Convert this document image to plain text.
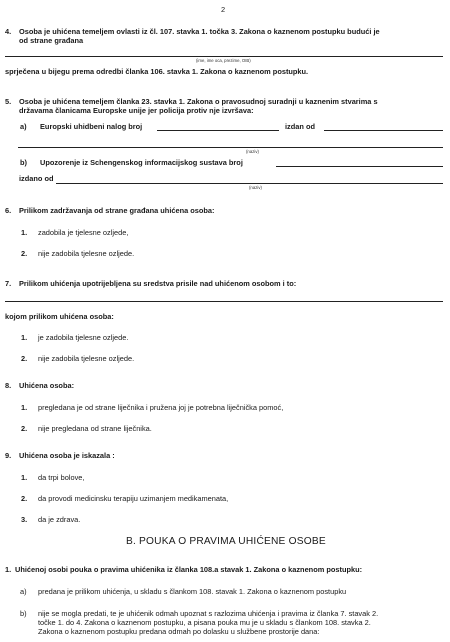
2
4. Osoba je uhićena temeljem ovlasti iz čl. 107. stavka 1. točka 3. Zakona o kaznenom postupku budući je
od strane građana
(ime, ime oca, prezime, OIB)
sprječena u bijegu prema odredbi članka 106. stavka 1. Zakona o kaznenom postupku.
5. Osoba je uhićena temeljem članka 23. stavka 1. Zakona o pravosudnoj suradnji u kaznenim stvarima s
državama članicama Europske unije jer policija protiv nje izvršava:
a) Europski uhidbeni nalog broj	izdan od
(naziv)
b) Upozorenje iz Schengenskog informacijskog sustava broj
izdano od
(naziv)
6. Prilikom zadržavanja od strane građana uhićena osoba:
1. zadobila je tjelesne ozljede,
2. nije zadobila tjelesne ozljede.
7. Prilikom uhićenja upotrijebljena su sredstva prisile nad uhićenom osobom i to:
kojom prilikom uhićena osoba:
1. je zadobila tjelesne ozljede.
2. nije zadobila tjelesne ozljede.
8. Uhićena osoba:
1. pregledana je od strane liječnika i pružena joj je potrebna liječnička pomoć,
2. nije pregledana od strane liječnika.
9. Uhićena osoba je iskazala :
1. da trpi bolove,
2. da provodi medicinsku terapiju uzimanjem medikamenata,
3. da je zdrava.
B. POUKA O PRAVIMA UHIĆENE OSOBE
1. Uhićenoj osobi pouka o pravima uhićenika iz članka 108.a stavak 1. Zakona o kaznenom postupku:
a) predana je prilikom uhićenja, u skladu s člankom 108. stavak 1. Zakona o kaznenom postupku
b) nije se mogla predati, te je uhićenik odmah upoznat s razlozima uhićenja i pravima iz članka 7. stavak 2.
točke 1. do 4. Zakona o kaznenom postupku, a pisana pouka mu je u skladu s člankom 108. stavka 2.
Zakona o kaznenom postupku predana odmah po dolasku u službene prostorije dana:
